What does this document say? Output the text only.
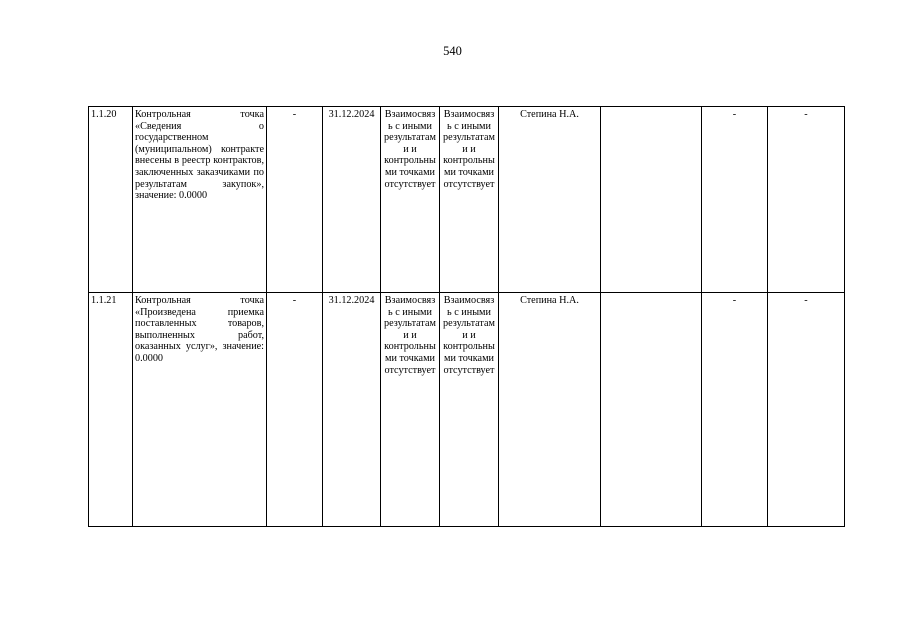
540
1.1.20	Контрольная точка «Сведения о государственном (муниципальном) контракте внесены в реестр контрактов, заключенных заказчиками по результатам закупок», значение: 0.0000	-	31.12.2024	Взаимосвязь с иными результатами и контрольными точками отсутствует	Взаимосвязь с иными результатами и контрольными точками отсутствует	Степина Н.А.		-	-
1.1.21	Контрольная точка «Произведена приемка поставленных товаров, выполненных работ, оказанных услуг», значение: 0.0000	-	31.12.2024	Взаимосвязь с иными результатами и контрольными точками отсутствует	Взаимосвязь с иными результатами и контрольными точками отсутствует	Степина Н.А.		-	-
